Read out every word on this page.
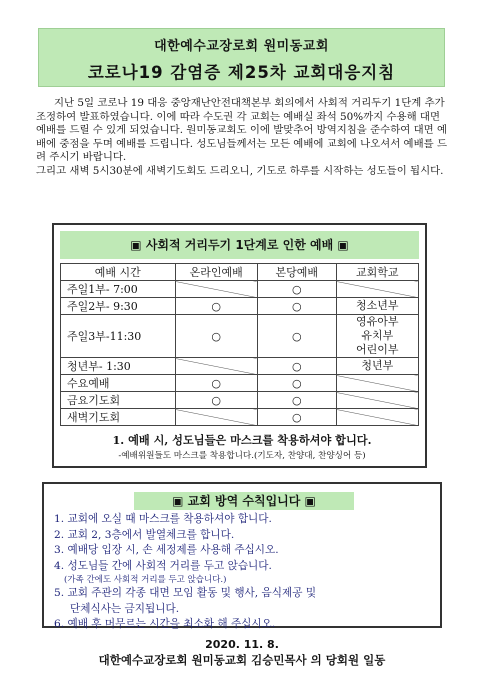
대한예수교장로회 원미동교회
코로나19 감염증 제25차 교회대응지침

지난 5일 코로나 19 대응 중앙재난안전대책본부 회의에서 사회적 거리두기 1단계 추가 조정하여 발표하였습니다. 이에 따라 수도권 각 교회는 예배실 좌석 50%까지 수용해 대면 예배를 드릴 수 있게 되었습니다. 원미동교회도 이에 발맞추어 방역지침을 준수하여 대면 예배에 중점을 두며 예배를 드립니다. 성도님들께서는 모든 예배에 교회에 나오셔서 예배를 드려 주시기 바랍니다.

그리고 새벽 5시30분에 새벽기도회도 드리오니, 기도로 하루를 시작하는 성도들이 됩시다.

▣ 사회적 거리두기 1단계로 인한 예배 ▣
예배 시간	온라인예배	본당예배	교회학교
주일1부- 7:00		○	
주일2부- 9:30	○	○	청소년부
주일3부-11:30	○	○	영유아부
유치부
어린이부
청년부- 1:30		○	청년부
수요예배	○	○	
금요기도회	○	○	
새벽기도회		○	
1. 예배 시, 성도님들은 마스크를 착용하셔야 합니다.
-예배위원들도 마스크를 착용합니다.(기도자, 찬양대, 찬양싱어 등)
▣ 교회 방역 수칙입니다 ▣
1. 교회에 오실 때 마스크를 착용하셔야 합니다.
2. 교회 2, 3층에서 발열체크를 합니다.
3. 예배당 입장 시, 손 세정제를 사용해 주십시오.
4. 성도님들 간에 사회적 거리를 두고 앉습니다.
(가족 간에도 사회적 거리를 두고 앉습니다.)
5. 교회 주관의 각종 대면 모임 활동 및 행사, 음식제공 및
단체식사는 금지됩니다.
6. 예배 후 머무르는 시간을 최소화 해 주십시오.
2020. 11. 8.
대한예수교장로회 원미동교회 김승민목사 의 당회원 일동
